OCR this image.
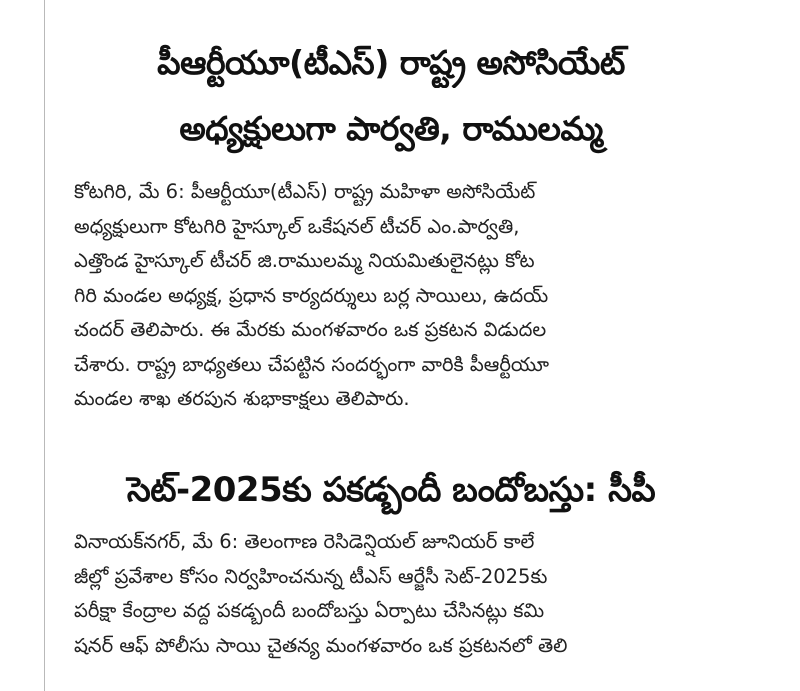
పీఆర్టీయూ(టీఎస్) రాష్ట్ర అసోసియేట్
అధ్యక్షులుగా పార్వతి, రాములమ్మ
కోటగిరి, మే 6: పీఆర్టీయూ(టీఎస్) రాష్ట్ర మహిళా అసోసియేట్
అధ్యక్షులుగా కోటగిరి హైస్కూల్ ఒకేషనల్ టీచర్ ఎం.పార్వతి,
ఎత్తొండ హైస్కూల్ టీచర్ జి.రాములమ్మ నియమితులైనట్లు కోట
గిరి మండల అధ్యక్ష, ప్రధాన కార్యదర్శులు బర్ల సాయిలు, ఉదయ్
చందర్ తెలిపారు. ఈ మేరకు మంగళవారం ఒక ప్రకటన విడుదల
చేశారు. రాష్ట్ర బాధ్యతలు చేపట్టిన సందర్భంగా వారికి పీఆర్టీయూ
మండల శాఖ తరపున శుభాకాక్షలు తెలిపారు.
సెట్-2025కు పకడ్బందీ బందోబస్తు: సీపీ
వినాయక్‌నగర్, మే 6: తెలంగాణ రెసిడెన్షియల్ జూనియర్ కాలే
జీల్లో ప్రవేశాల కోసం నిర్వహించనున్న టీఎస్ ఆర్జేసీ సెట్-2025కు
పరీక్షా కేంద్రాల వద్ద పకడ్బందీ బందోబస్తు ఏర్పాటు చేసినట్లు కమి
షనర్ ఆఫ్ పోలీసు సాయి చైతన్య మంగళవారం ఒక ప్రకటనలో తెలి
